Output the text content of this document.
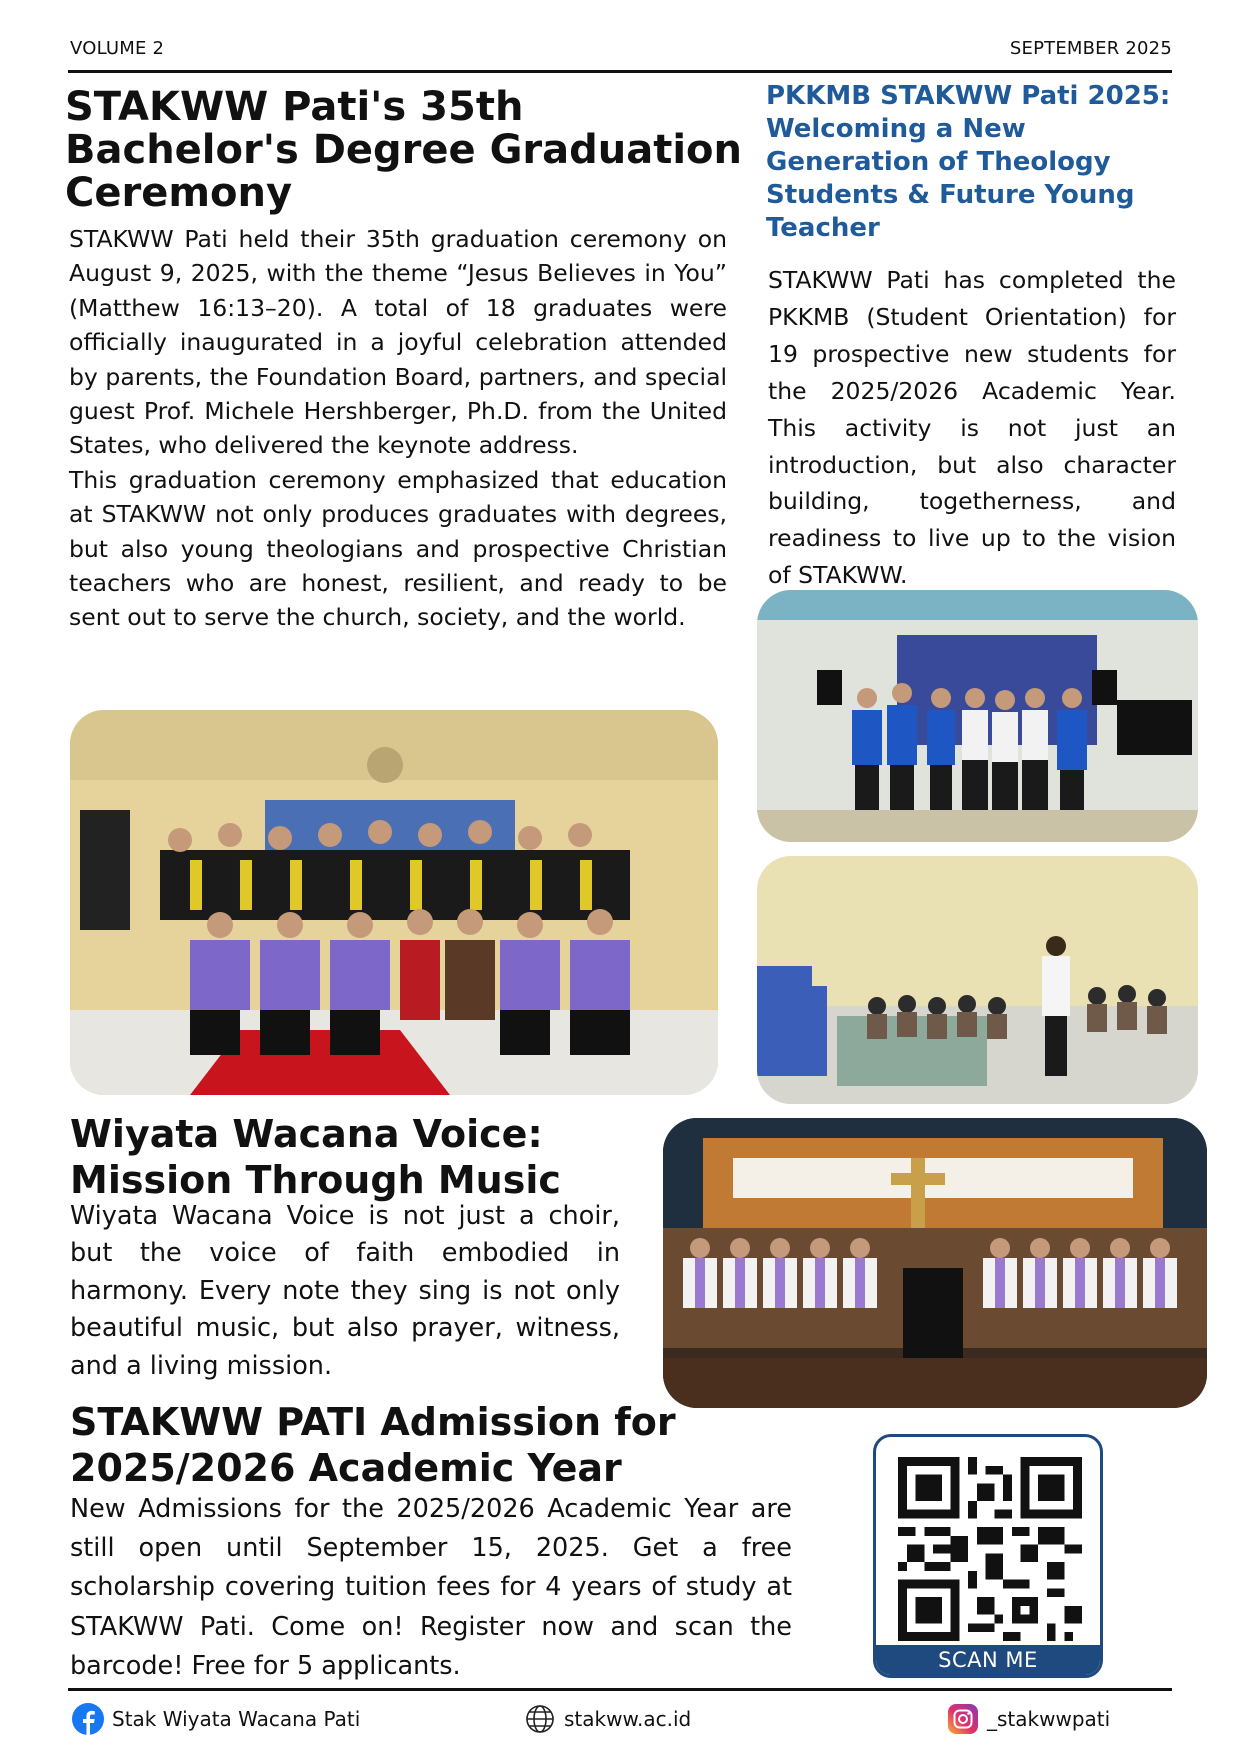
VOLUME 2	SEPTEMBER 2025
STAKWW Pati's 35th
Bachelor's Degree Graduation
Ceremony

STAKWW Pati held their 35th graduation ceremony on August 9, 2025, with the theme “Jesus Believes in You” (Matthew 16:13–20). A total of 18 graduates were officially inaugurated in a joyful celebration attended by parents, the Foundation Board, partners, and special guest Prof. Michele Hershberger, Ph.D. from the United States, who delivered the keynote address.

This graduation ceremony emphasized that education at STAKWW not only produces graduates with degrees, but also young theologians and prospective Christian teachers who are honest, resilient, and ready to be sent out to serve the church, society, and the world.

PKKMB STAKWW Pati 2025:
Welcoming a New
Generation of Theology
Students & Future Young
Teacher

STAKWW Pati has completed the PKKMB (Student Orientation) for 19 prospective new students for the 2025/2026 Academic Year. This activity is not just an introduction, but also character building, togetherness, and readiness to live up to the vision of STAKWW.

Wiyata Wacana Voice:
Mission Through Music

Wiyata Wacana Voice is not just a choir, but the voice of faith embodied in harmony. Every note they sing is not only beautiful music, but also prayer, witness, and a living mission.

STAKWW PATI Admission for
2025/2026 Academic Year

New Admissions for the 2025/2026 Academic Year are still open until September 15, 2025. Get a free scholarship covering tuition fees for 4 years of study at STAKWW Pati. Come on! Register now and scan the barcode! Free for 5 applicants.	SCAN ME
Stak Wiyata Wacana Pati	stakww.ac.id	_stakwwpati
